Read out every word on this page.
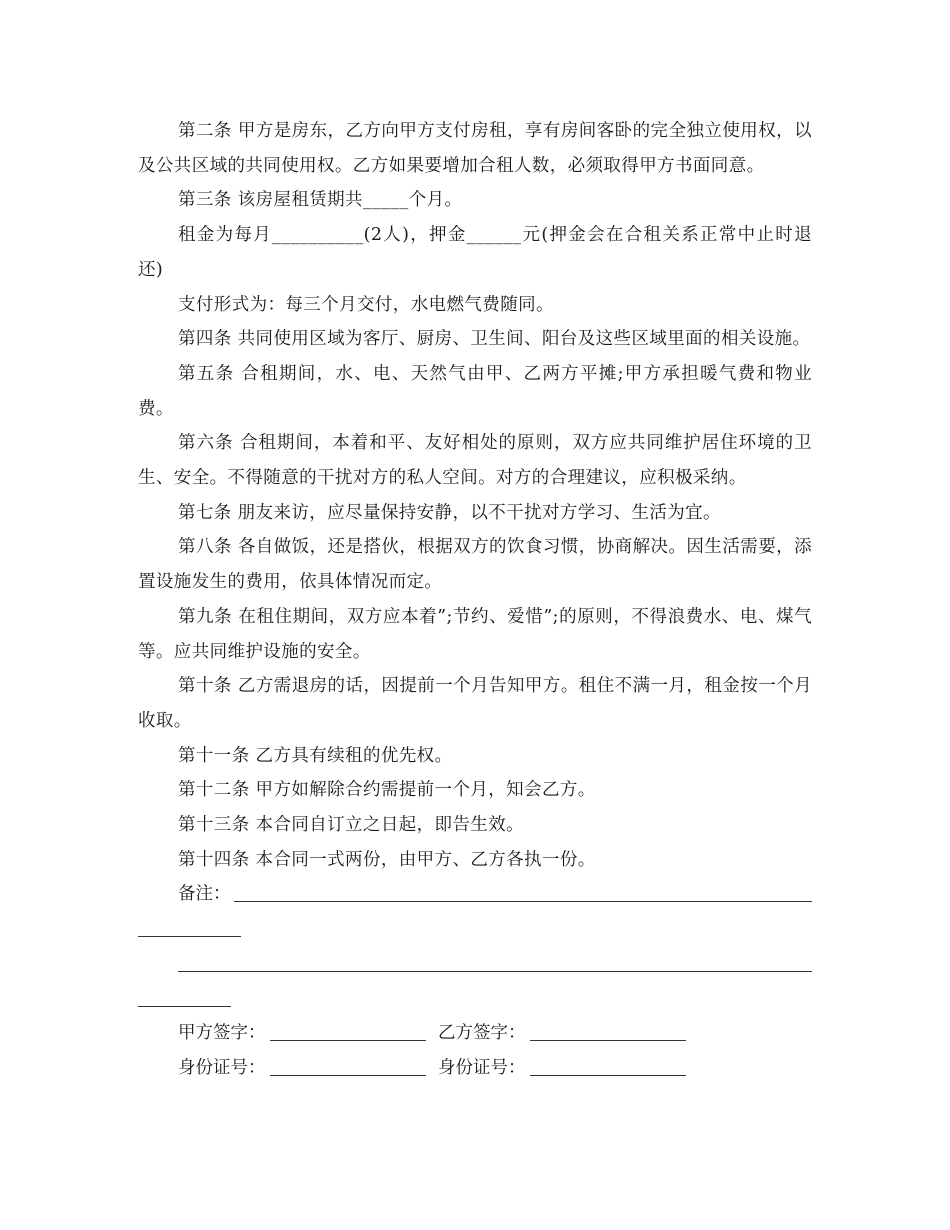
第二条 甲方是房东，乙方向甲方支付房租，享有房间客卧的完全独立使用权，以及公共区域的共同使用权。乙方如果要增加合租人数，必须取得甲方书面同意。

第三条 该房屋租赁期共_____个月。

租金为每月__________(2人)，押金______元(押金会在合租关系正常中止时退还)

支付形式为：每三个月交付，水电燃气费随同。

第四条 共同使用区域为客厅、厨房、卫生间、阳台及这些区域里面的相关设施。

第五条 合租期间，水、电、天然气由甲、乙两方平摊;甲方承担暖气费和物业费。

第六条 合租期间，本着和平、友好相处的原则，双方应共同维护居住环境的卫生、安全。不得随意的干扰对方的私人空间。对方的合理建议，应积极采纳。

第七条 朋友来访，应尽量保持安静，以不干扰对方学习、生活为宜。

第八条 各自做饭，还是搭伙，根据双方的饮食习惯，协商解决。因生活需要，添置设施发生的费用，依具体情况而定。

第九条 在租住期间，双方应本着”;节约、爱惜”;的原则，不得浪费水、电、煤气等。应共同维护设施的安全。

第十条 乙方需退房的话，因提前一个月告知甲方。租住不满一月，租金按一个月收取。

第十一条 乙方具有续租的优先权。

第十二条 甲方如解除合约需提前一个月，知会乙方。

第十三条 本合同自订立之日起，即告生效。

第十四条 本合同一式两份，由甲方、乙方各执一份。

备注：
甲方签字：	乙方签字：
身份证号：	身份证号：
